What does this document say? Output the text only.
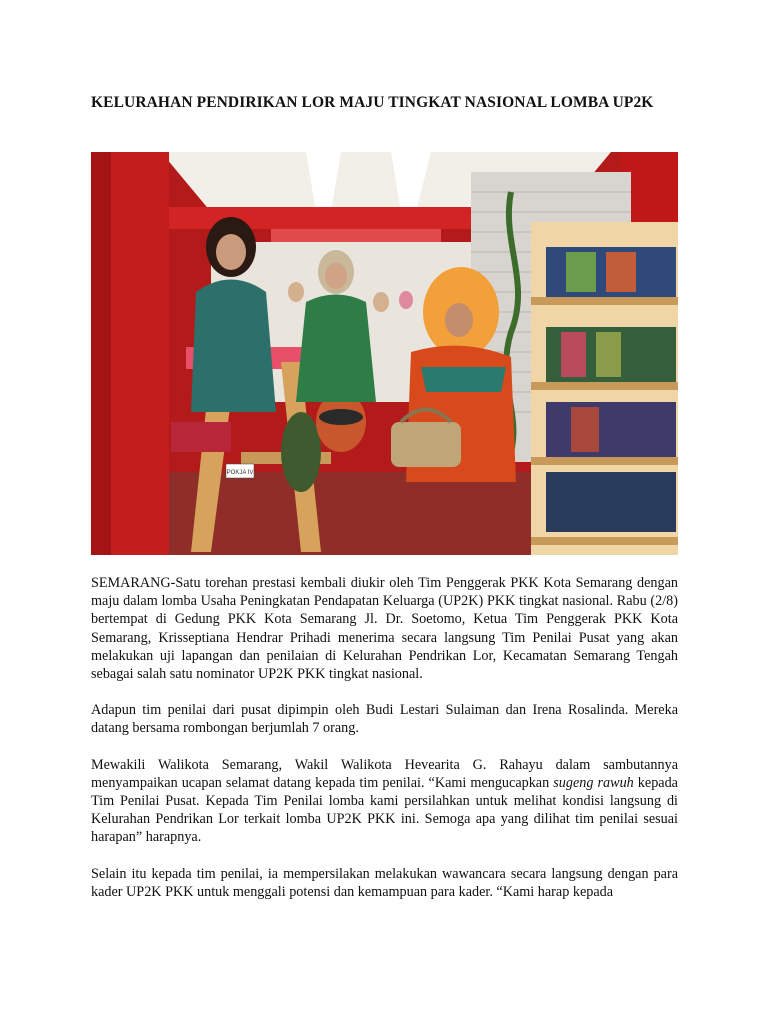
KELURAHAN PENDIRIKAN LOR MAJU TINGKAT NASIONAL LOMBA UP2K
POKJA IV

SEMARANG-Satu torehan prestasi kembali diukir oleh Tim Penggerak PKK Kota Semarang dengan maju dalam lomba Usaha Peningkatan Pendapatan Keluarga (UP2K) PKK tingkat nasional. Rabu (2/8) bertempat di Gedung PKK Kota Semarang Jl. Dr. Soetomo, Ketua Tim Penggerak PKK Kota Semarang, Krisseptiana Hendrar Prihadi menerima secara langsung Tim Penilai Pusat yang akan melakukan uji lapangan dan penilaian di Kelurahan Pendrikan Lor, Kecamatan Semarang Tengah sebagai salah satu nominator UP2K PKK tingkat nasional.

Adapun tim penilai dari pusat dipimpin oleh Budi Lestari Sulaiman dan Irena Rosalinda. Mereka datang bersama rombongan berjumlah 7 orang.

Mewakili Walikota Semarang, Wakil Walikota Hevearita G. Rahayu dalam sambutannya menyampaikan ucapan selamat datang kepada tim penilai. “Kami mengucapkan sugeng rawuh kepada Tim Penilai Pusat. Kepada Tim Penilai lomba kami persilahkan untuk melihat kondisi langsung di Kelurahan Pendrikan Lor terkait lomba UP2K PKK ini. Semoga apa yang dilihat tim penilai sesuai harapan” harapnya.

Selain itu kepada tim penilai, ia mempersilakan melakukan wawancara secara langsung dengan para kader UP2K PKK untuk menggali potensi dan kemampuan para kader. “Kami harap kepada
